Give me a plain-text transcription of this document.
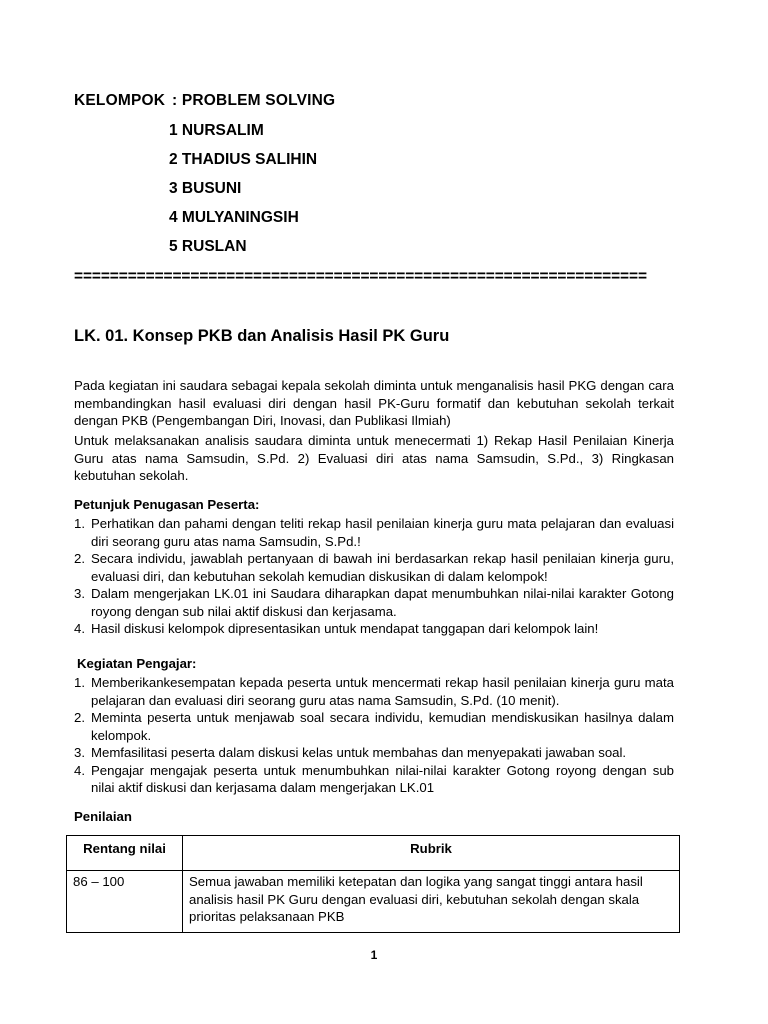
KELOMPOK : PROBLEM SOLVING
1 NURSALIM
2 THADIUS SALIHIN
3 BUSUNI
4 MULYANINGSIH
5 RUSLAN
================================================================
LK. 01. Konsep PKB dan Analisis Hasil PK Guru
Pada kegiatan ini saudara sebagai kepala sekolah diminta untuk menganalisis hasil PKG dengan cara membandingkan hasil evaluasi diri dengan hasil PK-Guru formatif dan kebutuhan sekolah terkait dengan PKB (Pengembangan Diri, Inovasi, dan Publikasi Ilmiah)
Untuk melaksanakan analisis saudara diminta untuk menecermati 1) Rekap Hasil Penilaian Kinerja Guru atas nama Samsudin, S.Pd. 2) Evaluasi diri atas nama Samsudin, S.Pd., 3) Ringkasan kebutuhan sekolah.
Petunjuk Penugasan Peserta:
1. Perhatikan dan pahami dengan teliti rekap hasil penilaian kinerja guru mata pelajaran dan evaluasi diri seorang guru atas nama Samsudin, S.Pd.!
2. Secara individu, jawablah pertanyaan di bawah ini berdasarkan rekap hasil penilaian kinerja guru, evaluasi diri, dan kebutuhan sekolah kemudian diskusikan di dalam kelompok!
3. Dalam mengerjakan LK.01 ini Saudara diharapkan dapat menumbuhkan nilai-nilai karakter Gotong royong dengan sub nilai aktif diskusi dan kerjasama.
4. Hasil diskusi kelompok dipresentasikan untuk mendapat tanggapan dari kelompok lain!
Kegiatan Pengajar:
1. Memberikankesempatan kepada peserta untuk mencermati rekap hasil penilaian kinerja guru mata pelajaran dan evaluasi diri seorang guru atas nama Samsudin, S.Pd. (10 menit).
2. Meminta peserta untuk menjawab soal secara individu, kemudian mendiskusikan hasilnya dalam kelompok.
3. Memfasilitasi peserta dalam diskusi kelas untuk membahas dan menyepakati jawaban soal.
4. Pengajar mengajak peserta untuk menumbuhkan nilai-nilai karakter Gotong royong dengan sub nilai aktif diskusi dan kerjasama dalam mengerjakan LK.01
Penilaian
Rentang nilai	Rubrik
86 – 100	Semua jawaban memiliki ketepatan dan logika yang sangat tinggi antara hasil analisis hasil PK Guru dengan evaluasi diri, kebutuhan sekolah dengan skala prioritas pelaksanaan PKB
1
